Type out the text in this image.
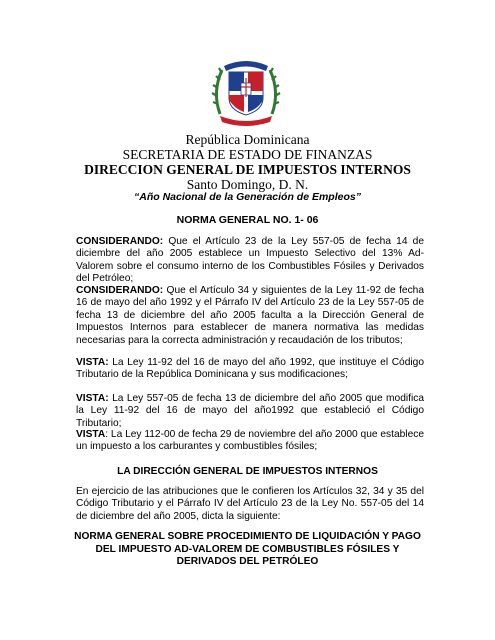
República Dominicana
SECRETARIA DE ESTADO DE FINANZAS
DIRECCION GENERAL DE IMPUESTOS INTERNOS
Santo Domingo, D. N.
“Año Nacional de la Generación de Empleos”
NORMA GENERAL NO. 1- 06
CONSIDERANDO: Que el Artículo 23 de la Ley 557-05 de fecha 14 de diciembre del año 2005 establece un Impuesto Selectivo del 13% Ad-Valorem sobre el consumo interno de los Combustibles Fósiles y Derivados del Petróleo;
CONSIDERANDO: Que el Artículo 34 y siguientes de la Ley 11-92 de fecha 16 de mayo del año 1992 y el Párrafo IV del Artículo 23 de la Ley 557-05 de fecha 13 de diciembre del año 2005 faculta a la Dirección General de Impuestos Internos para establecer de manera normativa las medidas necesarias para la correcta administración y recaudación de los tributos;
VISTA: La Ley 11-92 del 16 de mayo del año 1992, que instituye el Código Tributario de la República Dominicana y sus modificaciones;
VISTA: La Ley 557-05 de fecha 13 de diciembre del año 2005 que modifica la Ley 11-92 del 16 de mayo del año1992 que estableció el Código Tributario;
VISTA: La Ley 112-00 de fecha 29 de noviembre del año 2000 que establece un impuesto a los carburantes y combustibles fósiles;
LA DIRECCIÓN GENERAL DE IMPUESTOS INTERNOS
En ejercicio de las atribuciones que le confieren los Artículos 32, 34 y 35 del Código Tributario y el Párrafo IV del Artículo 23 de la Ley No. 557-05 del 14 de diciembre del año 2005, dicta la siguiente:
NORMA GENERAL SOBRE PROCEDIMIENTO DE LIQUIDACIÓN Y PAGO
DEL IMPUESTO AD-VALOREM DE COMBUSTIBLES FÓSILES Y
DERIVADOS DEL PETRÓLEO
